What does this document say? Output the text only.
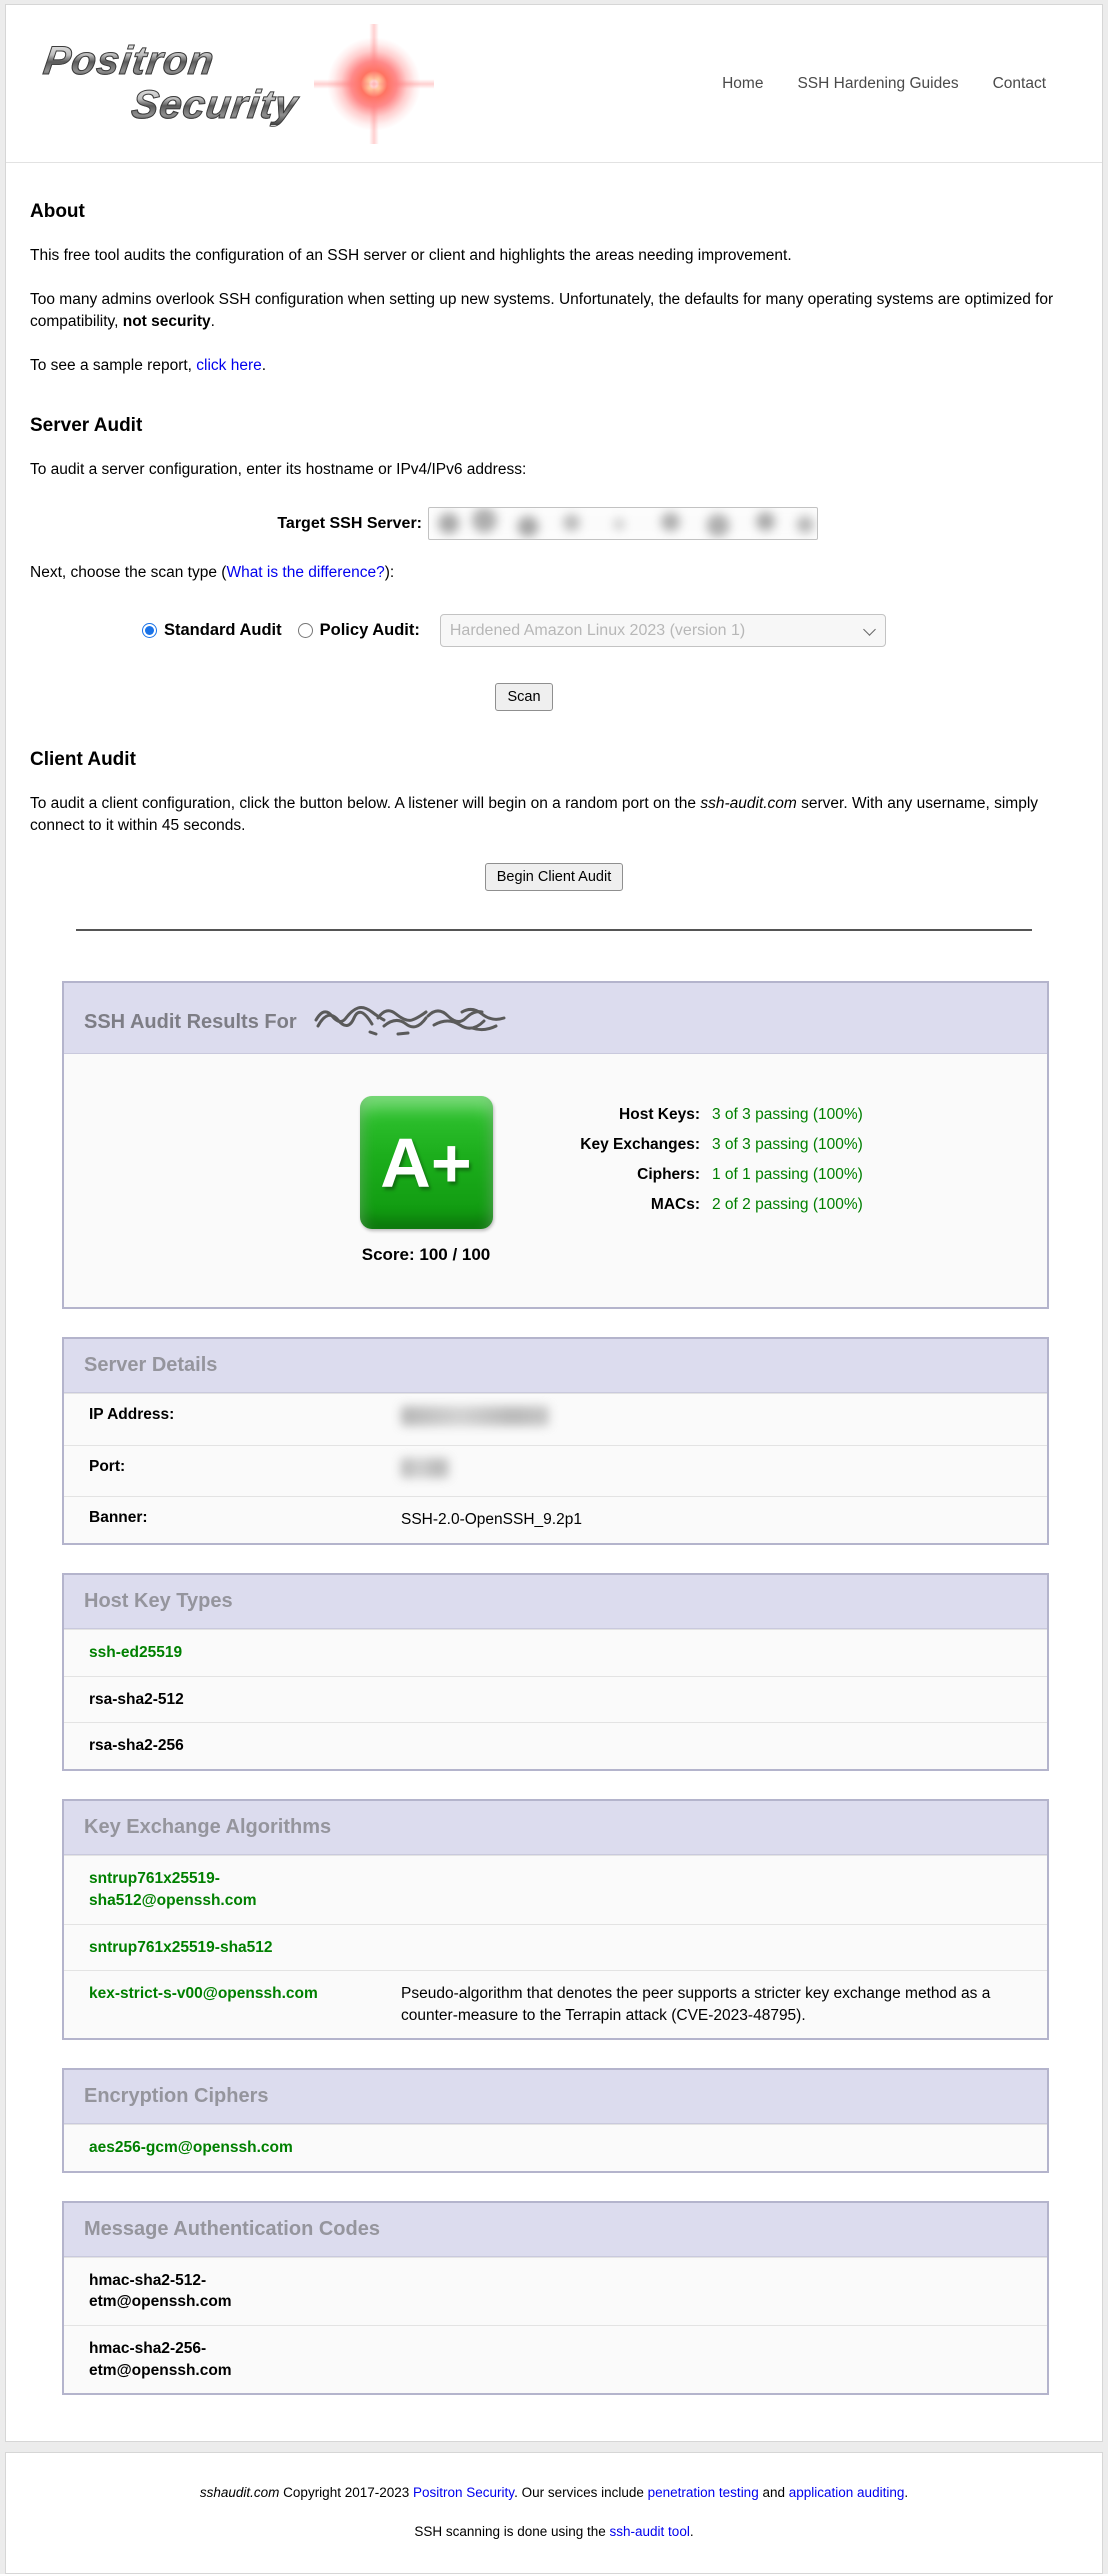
Positron
Security	Home SSH Hardening Guides Contact
About

This free tool audits the configuration of an SSH server or client and highlights the areas needing improvement.

Too many admins overlook SSH configuration when setting up new systems. Unfortunately, the defaults for many operating systems are optimized for compatibility, not security.

To see a sample report, click here.

Server Audit

To audit a server configuration, enter its hostname or IPv4/IPv6 address:

Target SSH Server:

Next, choose the scan type (What is the difference?):

Standard Audit Policy Audit:
Hardened Amazon Linux 2023 (version 1)
Scan
Client Audit

To audit a client configuration, click the button below. A listener will begin on a random port on the ssh-audit.com server. With any username, simply connect to it within 45 seconds.

Begin Client Audit
SSH Audit Results For
A+
Score: 100 / 100
Host Keys: 3 of 3 passing (100%)
Key Exchanges: 3 of 3 passing (100%)
Ciphers: 1 of 1 passing (100%)
MACs: 2 of 2 passing (100%)
Server Details
IP Address:
Port:
Banner:	SSH-2.0-OpenSSH_9.2p1
Host Key Types
ssh-ed25519
rsa-sha2-512
rsa-sha2-256
Key Exchange Algorithms
sntrup761x25519-
sha512@openssh.com
sntrup761x25519-sha512
kex-strict-s-v00@openssh.com	Pseudo-algorithm that denotes the peer supports a stricter key exchange method as a counter-measure to the Terrapin attack (CVE-2023-48795).
Encryption Ciphers
aes256-gcm@openssh.com
Message Authentication Codes
hmac-sha2-512-
etm@openssh.com
hmac-sha2-256-
etm@openssh.com
sshaudit.com Copyright 2017-2023 Positron Security. Our services include penetration testing and application auditing.
SSH scanning is done using the ssh-audit tool.
